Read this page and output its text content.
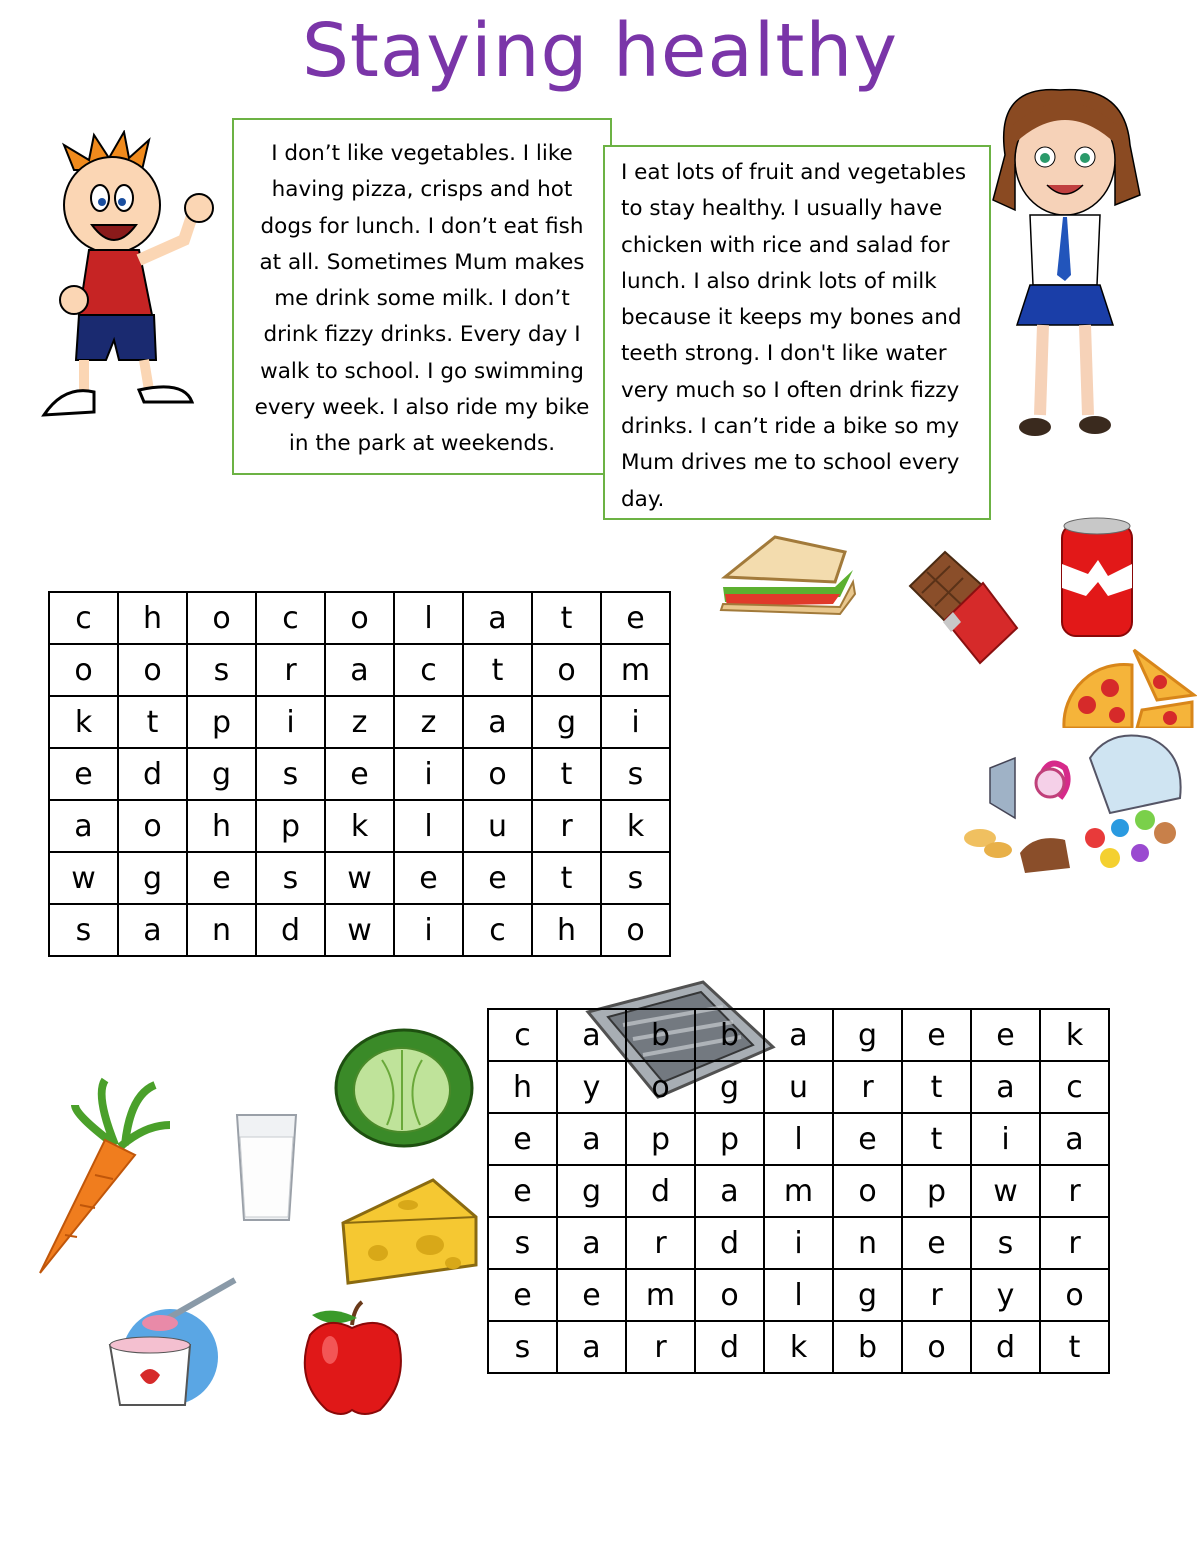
Staying healthy
I don’t like vegetables. I like having pizza, crisps and hot dogs for lunch. I don’t eat fish at all. Sometimes Mum makes me drink some milk. I don’t drink fizzy drinks. Every day I walk to school. I go swimming every week. I also ride my bike in the park at weekends.
I eat lots of fruit and vegetables to stay healthy. I usually have chicken with rice and salad for lunch. I also drink lots of milk because it keeps my bones and teeth strong. I don't like water very much so I often drink fizzy drinks. I can’t ride a bike so my Mum drives me to school every day.
c	h	o	c	o	l	a	t	e
o	o	s	r	a	c	t	o	m
k	t	p	i	z	z	a	g	i
e	d	g	s	e	i	o	t	s
a	o	h	p	k	l	u	r	k
w	g	e	s	w	e	e	t	s
s	a	n	d	w	i	c	h	o
c	a	b	b	a	g	e	e	k
h	y	o	g	u	r	t	a	c
e	a	p	p	l	e	t	i	a
e	g	d	a	m	o	p	w	r
s	a	r	d	i	n	e	s	r
e	e	m	o	l	g	r	y	o
s	a	r	d	k	b	o	d	t
